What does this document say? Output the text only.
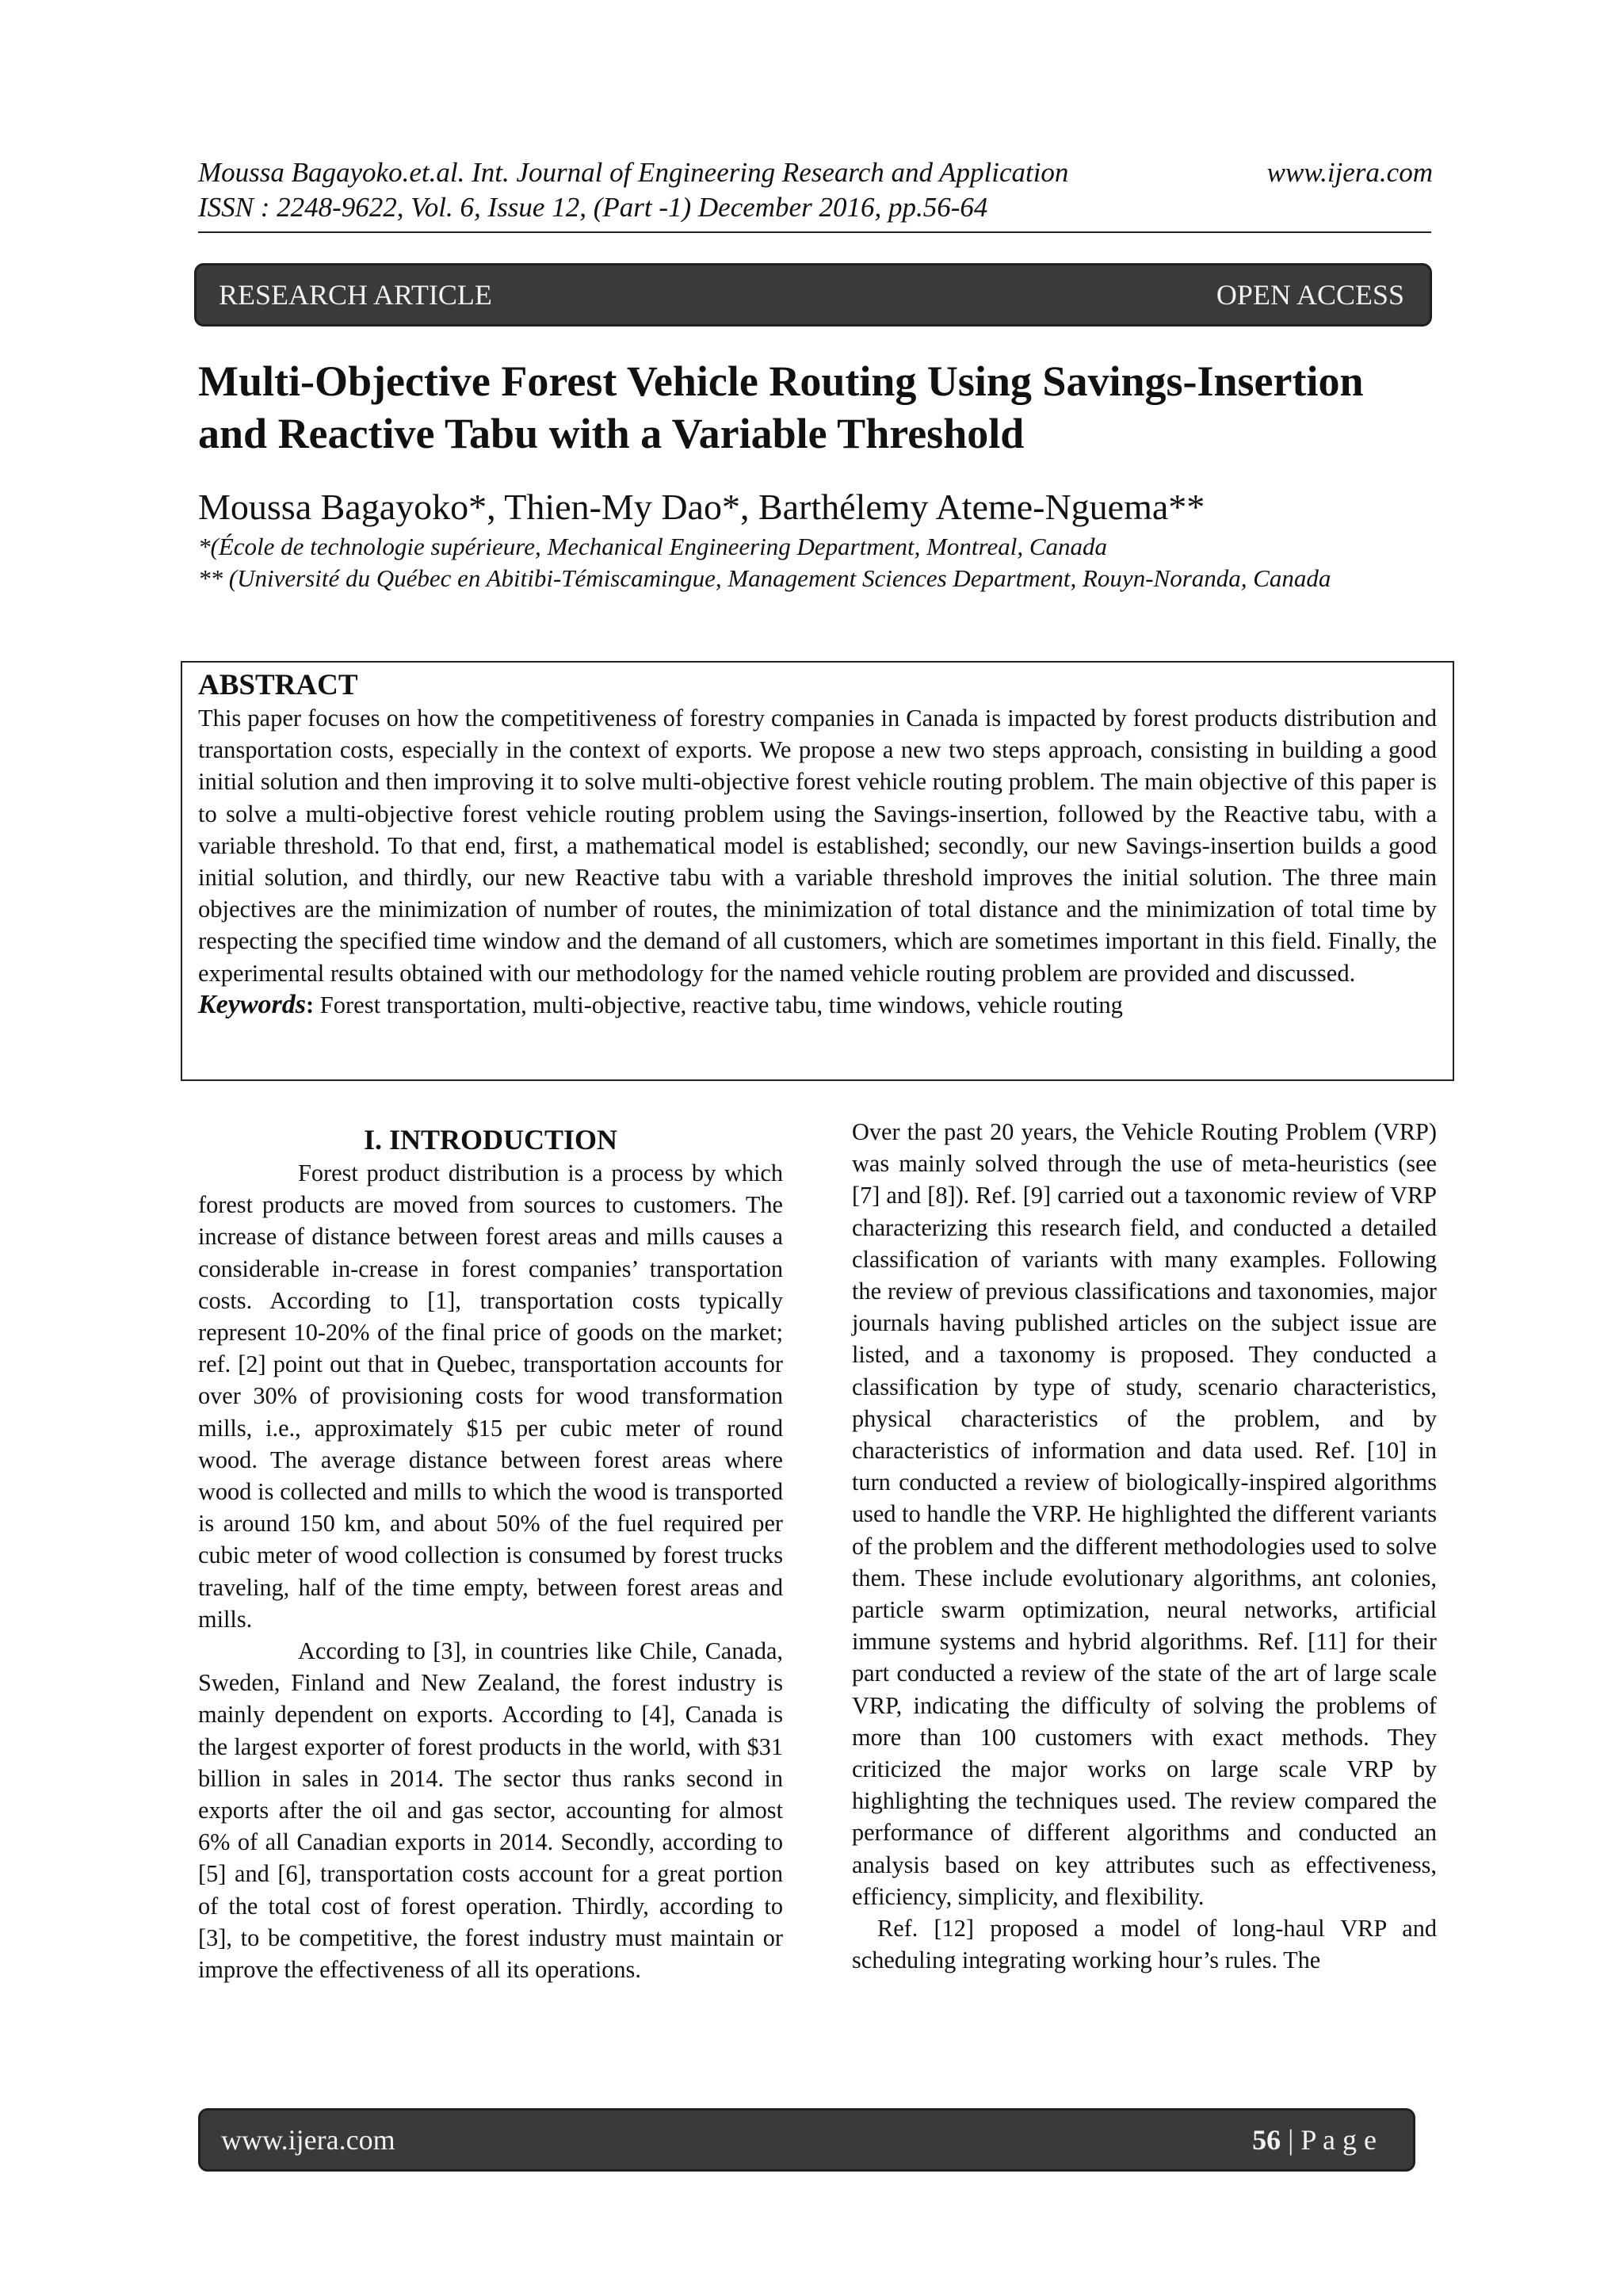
Moussa Bagayoko.et.al. Int. Journal of Engineering Research and Application
ISSN : 2248-9622, Vol. 6, Issue 12, (Part -1) December 2016, pp.56-64
www.ijera.com
RESEARCH ARTICLE	OPEN ACCESS
Multi-Objective Forest Vehicle Routing Using Savings-Insertion and Reactive Tabu with a Variable Threshold
Moussa Bagayoko*, Thien-My Dao*, Barthélemy Ateme-Nguema**
*(École de technologie supérieure, Mechanical Engineering Department, Montreal, Canada
** (Université du Québec en Abitibi-Témiscamingue, Management Sciences Department, Rouyn-Noranda, Canada
ABSTRACT

This paper focuses on how the competitiveness of forestry companies in Canada is impacted by forest products distribution and transportation costs, especially in the context of exports. We propose a new two steps approach, consisting in building a good initial solution and then improving it to solve multi-objective forest vehicle routing problem. The main objective of this paper is to solve a multi-objective forest vehicle routing problem using the Savings-insertion, followed by the Reactive tabu, with a variable threshold. To that end, first, a mathematical model is established; secondly, our new Savings-insertion builds a good initial solution, and thirdly, our new Reactive tabu with a variable threshold improves the initial solution. The three main objectives are the minimization of number of routes, the minimization of total distance and the minimization of total time by respecting the specified time window and the demand of all customers, which are sometimes important in this field. Finally, the experimental results obtained with our methodology for the named vehicle routing problem are provided and discussed.

Keywords: Forest transportation, multi-objective, reactive tabu, time windows, vehicle routing
I. INTRODUCTION

Forest product distribution is a process by which forest products are moved from sources to customers. The increase of distance between forest areas and mills causes a considerable in-crease in forest companies’ transportation costs. According to [1], transportation costs typically represent 10-20% of the final price of goods on the market; ref. [2] point out that in Quebec, transportation accounts for over 30% of provisioning costs for wood transformation mills, i.e., approximately $15 per cubic meter of round wood. The average distance between forest areas where wood is collected and mills to which the wood is transported is around 150 km, and about 50% of the fuel required per cubic meter of wood collection is consumed by forest trucks traveling, half of the time empty, between forest areas and mills.

According to [3], in countries like Chile, Canada, Sweden, Finland and New Zealand, the forest industry is mainly dependent on exports. According to [4], Canada is the largest exporter of forest products in the world, with $31 billion in sales in 2014. The sector thus ranks second in exports after the oil and gas sector, accounting for almost 6% of all Canadian exports in 2014. Secondly, according to [5] and [6], transportation costs account for a great portion of the total cost of forest operation. Thirdly, according to [3], to be competitive, the forest industry must maintain or improve the effectiveness of all its operations.

Over the past 20 years, the Vehicle Routing Problem (VRP) was mainly solved through the use of meta-heuristics (see [7] and [8]). Ref. [9] carried out a taxonomic review of VRP characterizing this research field, and conducted a detailed classification of variants with many examples. Following the review of previous classifications and taxonomies, major journals having published articles on the subject issue are listed, and a taxonomy is proposed. They conducted a classification by type of study, scenario characteristics, physical characteristics of the problem, and by characteristics of information and data used. Ref. [10] in turn conducted a review of biologically-inspired algorithms used to handle the VRP. He highlighted the different variants of the problem and the different methodologies used to solve them. These include evolutionary algorithms, ant colonies, particle swarm optimization, neural networks, artificial immune systems and hybrid algorithms. Ref. [11] for their part conducted a review of the state of the art of large scale VRP, indicating the difficulty of solving the problems of more than 100 customers with exact methods. They criticized the major works on large scale VRP by highlighting the techniques used. The review compared the performance of different algorithms and conducted an analysis based on key attributes such as effectiveness, efficiency, simplicity, and flexibility.

Ref. [12] proposed a model of long-haul VRP and scheduling integrating working hour’s rules. The

www.ijera.com	56 | P a g e
